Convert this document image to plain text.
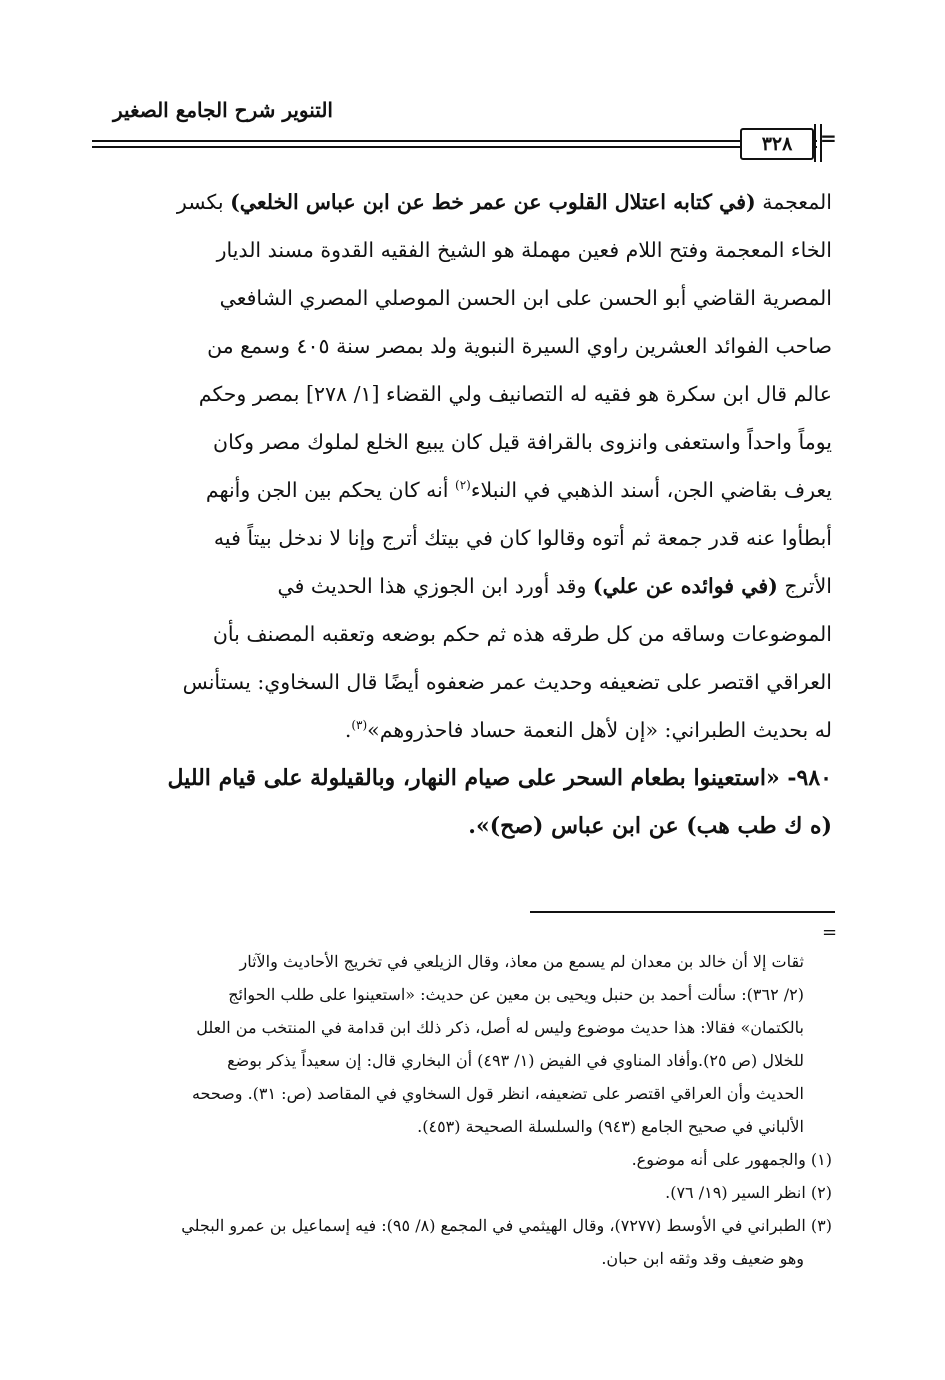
التنوير شرح الجامع الصغير
٣٢٨	=
المعجمة (في كتابه اعتلال القلوب عن عمر خط عن ابن عباس الخلعي) بكسر
الخاء المعجمة وفتح اللام فعين مهملة هو الشيخ الفقيه القدوة مسند الديار
المصرية القاضي أبو الحسن على ابن الحسن الموصلي المصري الشافعي
صاحب الفوائد العشرين راوي السيرة النبوية ولد بمصر سنة ٤٠٥ وسمع من
عالم قال ابن سكرة هو فقيه له التصانيف ولي القضاء [١/ ٢٧٨] بمصر وحكم
يوماً واحداً واستعفى وانزوى بالقرافة قيل كان يبيع الخلع لملوك مصر وكان
يعرف بقاضي الجن، أسند الذهبي في النبلاء$^{(٢)}$ أنه كان يحكم بين الجن وأنهم
أبطأوا عنه قدر جمعة ثم أتوه وقالوا كان في بيتك أترج وإنا لا ندخل بيتاً فيه
الأترج (في فوائده عن علي) وقد أورد ابن الجوزي هذا الحديث في
الموضوعات وساقه من كل طرقه هذه ثم حكم بوضعه وتعقبه المصنف بأن
العراقي اقتصر على تضعيفه وحديث عمر ضعفوه أيضًا قال السخاوي: يستأنس
له بحديث الطبراني: «إن لأهل النعمة حساد فاحذروهم»$^{(٣)}$.
٩٨٠- «استعينوا بطعام السحر على صيام النهار، وبالقيلولة على قيام الليل
(ه ك طب هب) عن ابن عباس (صح)».
=
ثقات إلا أن خالد بن معدان لم يسمع من معاذ، وقال الزيلعي في تخريج الأحاديث والآثار
(٢/ ٣٦٢): سألت أحمد بن حنبل ويحيى بن معين عن حديث: «استعينوا على طلب الحوائج
بالكتمان» فقالا: هذا حديث موضوع وليس له أصل، ذكر ذلك ابن قدامة في المنتخب من العلل
للخلال (ص ٢٥).وأفاد المناوي في الفيض (١/ ٤٩٣) أن البخاري قال: إن سعيداً يذكر بوضع
الحديث وأن العراقي اقتصر على تضعيفه، انظر قول السخاوي في المقاصد (ص: ٣١). وصححه
الألباني في صحيح الجامع (٩٤٣) والسلسلة الصحيحة (٤٥٣).
(١) والجمهور على أنه موضوع.
(٢) انظر السير (١٩/ ٧٦).
(٣) الطبراني في الأوسط (٧٢٧٧)، وقال الهيثمي في المجمع (٨/ ٩٥): فيه إسماعيل بن عمرو البجلي
وهو ضعيف وقد وثقه ابن حبان.
